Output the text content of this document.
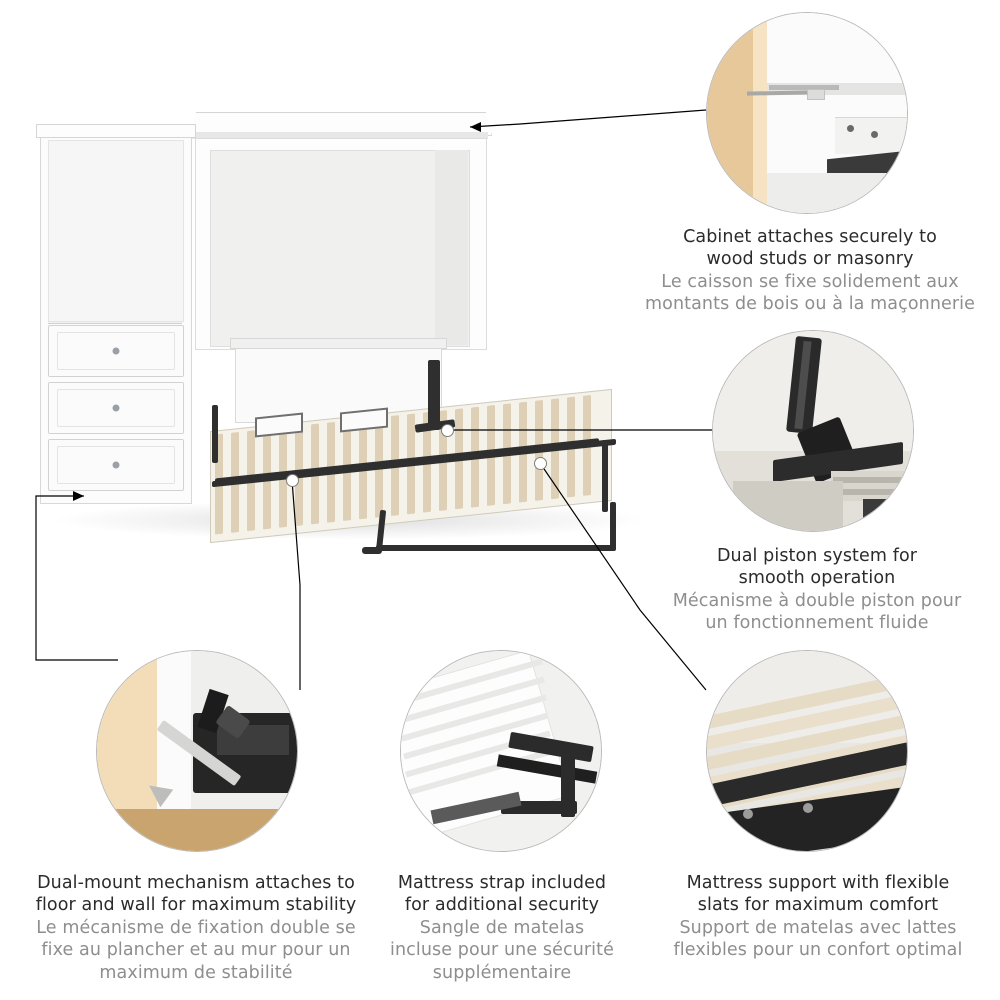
Cabinet attaches securely to
wood studs or masonry
Le caisson se fixe solidement aux
montants de bois ou à la maçonnerie
Dual piston system for
smooth operation
Mécanisme à double piston pour
un fonctionnement fluide
Dual-mount mechanism attaches to
floor and wall for maximum stability
Le mécanisme de fixation double se
fixe au plancher et au mur pour un
maximum de stabilité
Mattress strap included
for additional security
Sangle de matelas
incluse pour une sécurité
supplémentaire
Mattress support with flexible
slats for maximum comfort
Support de matelas avec lattes
flexibles pour un confort optimal
